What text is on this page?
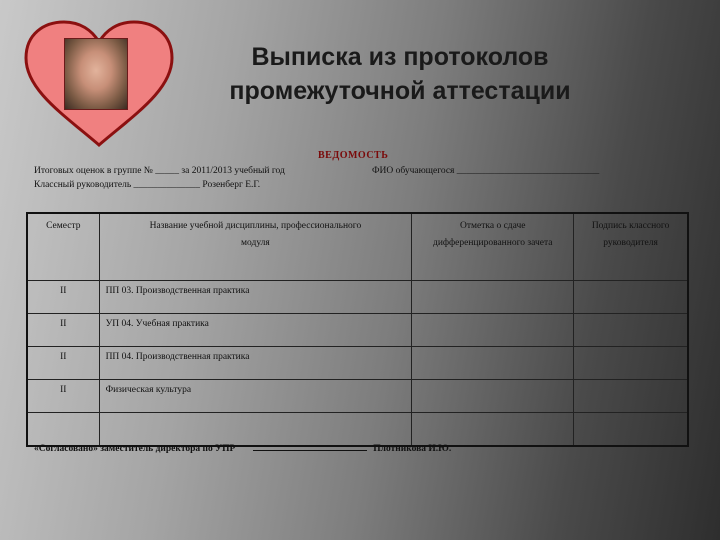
Выписка из протоколов
промежуточной аттестации
ВЕДОМОСТЬ
Итоговых оценок в группе № _____ за 2011/2013 учебный год	ФИО обучающегося ______________________________
Классный руководитель ______________ Розенберг Е.Г.
Семестр	Название учебной дисциплины, профессионального модуля	Отметка о сдаче дифференцированного зачета	Подпись классного руководителя
II	ПП 03. Производственная практика		
II	УП 04. Учебная практика		
II	ПП 04. Производственная практика		
II	Физическая культура		

«Согласовано» заместитель директора по УПР	Плотникова И.Ю.
